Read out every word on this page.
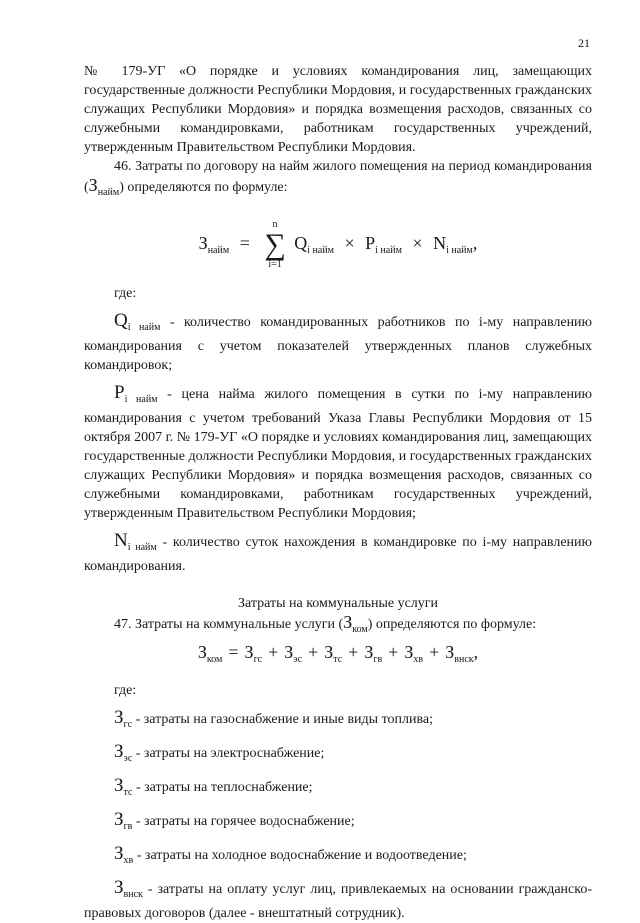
21

№ 179-УГ «О порядке и условиях командирования лиц, замещающих государственные должности Республики Мордовия, и государственных гражданских служащих Республики Мордовия» и порядка возмещения расходов, связанных со служебными командировками, работникам государственных учреждений, утвержденным Правительством Республики Мордовия.

46. Затраты по договору на найм жилого помещения на период командирования $(З_{найм})$ определяются по формуле:

$З_{найм} = n$
∑
i=1 $Q_{i найм} \times P_{i найм} \times N_{i найм}$,

где:

$Q_{i найм}$ - количество командированных работников по i-му направлению командирования с учетом показателей утвержденных планов служебных командировок;

$P_{i найм}$ - цена найма жилого помещения в сутки по i-му направлению командирования с учетом требований Указа Главы Республики Мордовия от 15 октября 2007 г. № 179-УГ «О порядке и условиях командирования лиц, замещающих государственные должности Республики Мордовия, и государственных гражданских служащих Республики Мордовия» и порядка возмещения расходов, связанных со служебными командировками, работникам государственных учреждений, утвержденным Правительством Республики Мордовия;

$N_{i найм}$ - количество суток нахождения в командировке по i-му направлению командирования.

Затраты на коммунальные услуги

47. Затраты на коммунальные услуги $(З_{ком})$ определяются по формуле:

$З_{ком} = З_{гс} + З_{эс} + З_{тс} + З_{гв} + З_{хв} + З_{внск}$,

где:

$З_{гс}$ - затраты на газоснабжение и иные виды топлива;

$З_{эс}$ - затраты на электроснабжение;

$З_{тс}$ - затраты на теплоснабжение;

$З_{гв}$ - затраты на горячее водоснабжение;

$З_{хв}$ - затраты на холодное водоснабжение и водоотведение;

$З_{внск}$ - затраты на оплату услуг лиц, привлекаемых на основании гражданско-правовых договоров (далее - внештатный сотрудник).
